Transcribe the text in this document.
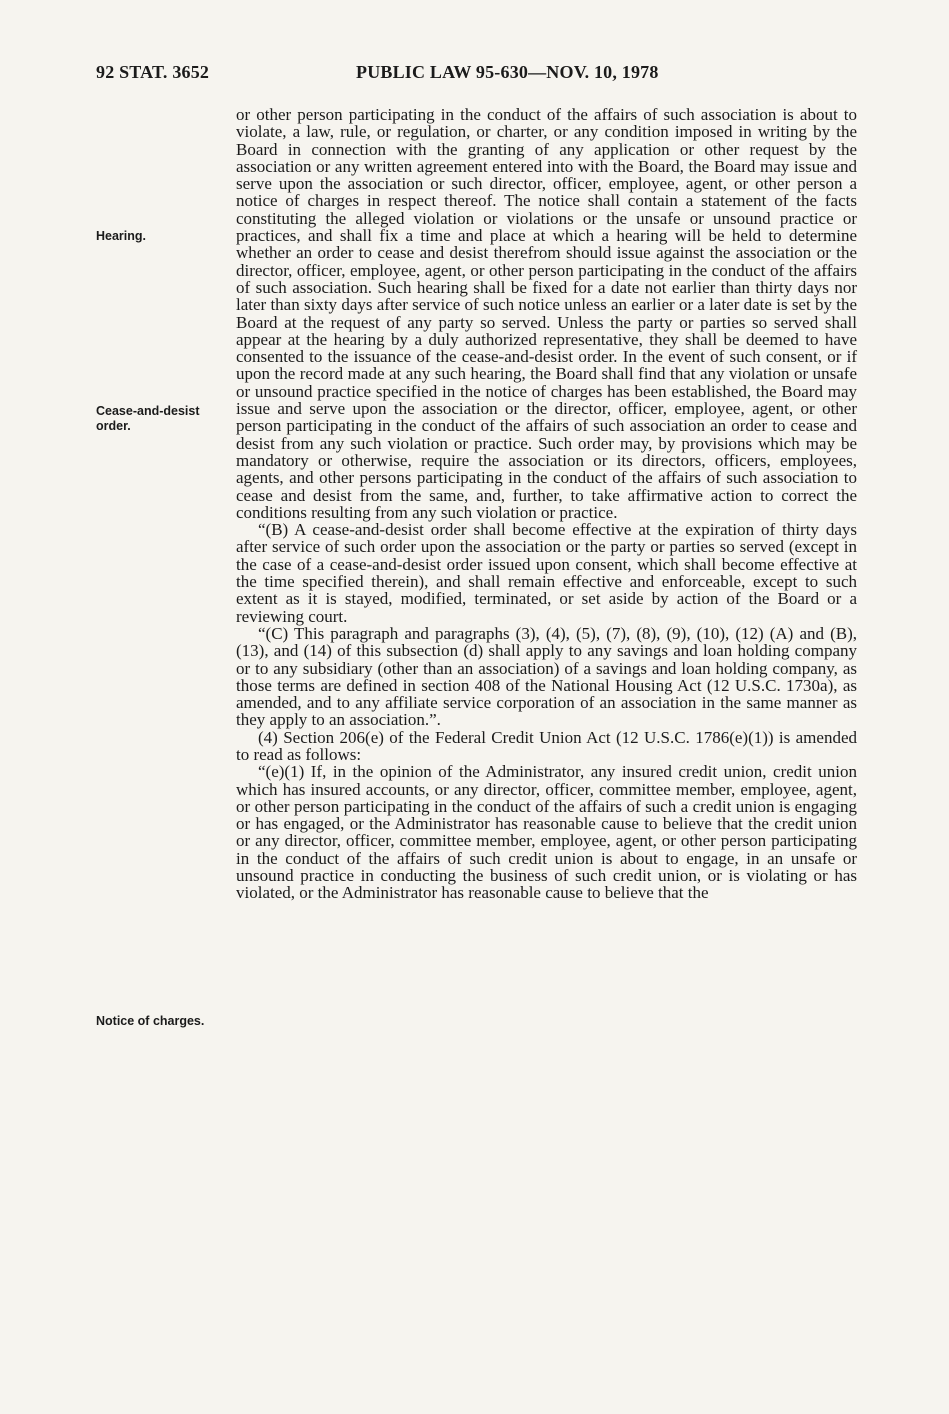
92 STAT. 3652	PUBLIC LAW 95-630—NOV. 10, 1978
Hearing.
Cease-and-desist order.
Notice of charges.

or other person participating in the conduct of the affairs of such association is about to violate, a law, rule, or regulation, or charter, or any condition imposed in writing by the Board in connection with the granting of any application or other request by the association or any written agreement entered into with the Board, the Board may issue and serve upon the association or such director, officer, employee, agent, or other person a notice of charges in respect thereof. The notice shall contain a statement of the facts constituting the alleged violation or violations or the unsafe or unsound practice or practices, and shall fix a time and place at which a hearing will be held to determine whether an order to cease and desist therefrom should issue against the association or the director, officer, employee, agent, or other person participating in the conduct of the affairs of such association. Such hearing shall be fixed for a date not earlier than thirty days nor later than sixty days after service of such notice unless an earlier or a later date is set by the Board at the request of any party so served. Unless the party or parties so served shall appear at the hearing by a duly authorized representative, they shall be deemed to have consented to the issuance of the cease-and-desist order. In the event of such consent, or if upon the record made at any such hearing, the Board shall find that any violation or unsafe or unsound practice specified in the notice of charges has been established, the Board may issue and serve upon the association or the director, officer, employee, agent, or other person participating in the conduct of the affairs of such association an order to cease and desist from any such violation or practice. Such order may, by provisions which may be mandatory or otherwise, require the association or its directors, officers, employees, agents, and other persons participating in the conduct of the affairs of such association to cease and desist from the same, and, further, to take affirmative action to correct the conditions resulting from any such violation or practice.

“(B) A cease-and-desist order shall become effective at the expiration of thirty days after service of such order upon the association or the party or parties so served (except in the case of a cease-and-desist order issued upon consent, which shall become effective at the time specified therein), and shall remain effective and enforceable, except to such extent as it is stayed, modified, terminated, or set aside by action of the Board or a reviewing court.

“(C) This paragraph and paragraphs (3), (4), (5), (7), (8), (9), (10), (12) (A) and (B), (13), and (14) of this subsection (d) shall apply to any savings and loan holding company or to any subsidiary (other than an association) of a savings and loan holding company, as those terms are defined in section 408 of the National Housing Act (12 U.S.C. 1730a), as amended, and to any affiliate service corporation of an association in the same manner as they apply to an association.”.

(4) Section 206(e) of the Federal Credit Union Act (12 U.S.C. 1786(e)(1)) is amended to read as follows:

“(e)(1) If, in the opinion of the Administrator, any insured credit union, credit union which has insured accounts, or any director, officer, committee member, employee, agent, or other person participating in the conduct of the affairs of such a credit union is engaging or has engaged, or the Administrator has reasonable cause to believe that the credit union or any director, officer, committee member, employee, agent, or other person participating in the conduct of the affairs of such credit union is about to engage, in an unsafe or unsound practice in conducting the business of such credit union, or is violating or has violated, or the Administrator has reasonable cause to believe that the
